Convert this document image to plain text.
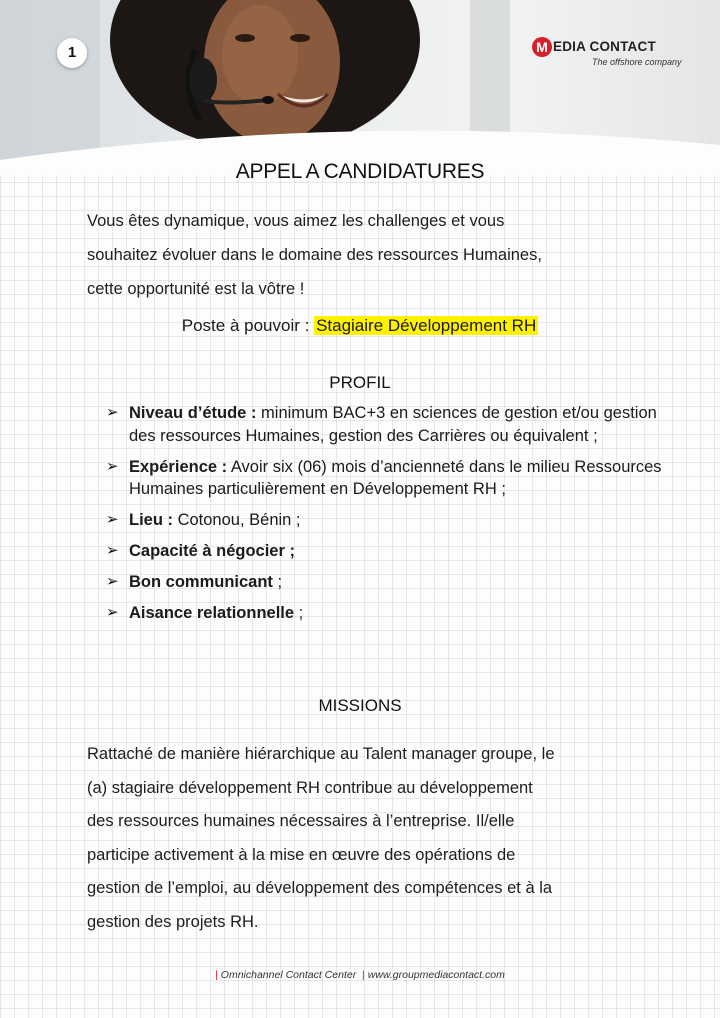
1	M EDIA CONTACT
The offshore company
APPEL A CANDIDATURES
Vous êtes dynamique, vous aimez les challenges et vous
souhaitez évoluer dans le domaine des ressources Humaines,
cette opportunité est la vôtre !
Poste à pouvoir : Stagiaire Développement RH
PROFIL
➢ Niveau d’étude : minimum BAC+3 en sciences de gestion et/ou gestion des ressources Humaines, gestion des Carrières ou équivalent ;
➢ Expérience : Avoir six (06) mois d’ancienneté dans le milieu Ressources Humaines particulièrement en Développement RH ;
➢ Lieu : Cotonou, Bénin ;
➢ Capacité à négocier ;
➢ Bon communicant ;
➢ Aisance relationnelle ;
MISSIONS
Rattaché de manière hiérarchique au Talent manager groupe, le
(a) stagiaire développement RH contribue au développement
des ressources humaines nécessaires à l’entreprise. Il/elle
participe activement à la mise en œuvre des opérations de
gestion de l’emploi, au développement des compétences et à la
gestion des projets RH.
| Omnichannel Contact Center | www.groupmediacontact.com
